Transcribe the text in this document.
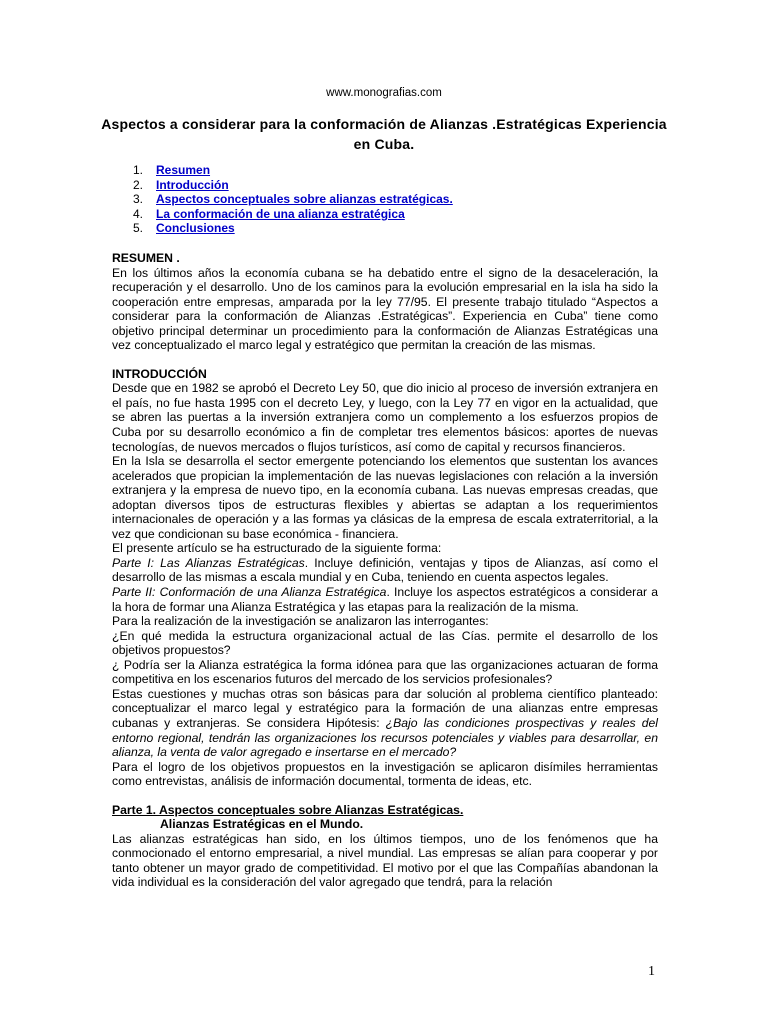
www.monografias.com
Aspectos a considerar para la conformación de Alianzas .Estratégicas Experiencia en Cuba.
1. Resumen
2. Introducción
3. Aspectos conceptuales sobre alianzas estratégicas.
4. La conformación de una alianza estratégica
5. Conclusiones
RESUMEN .

En los últimos años la economía cubana se ha debatido entre el signo de la desaceleración, la recuperación y el desarrollo. Uno de los caminos para la evolución empresarial en la isla ha sido la cooperación entre empresas, amparada por la ley 77/95. El presente trabajo titulado “Aspectos a considerar para la conformación de Alianzas .Estratégicas”. Experiencia en Cuba” tiene como objetivo principal determinar un procedimiento para la conformación de Alianzas Estratégicas una vez conceptualizado el marco legal y estratégico que permitan la creación de las mismas.

INTRODUCCIÓN

Desde que en 1982 se aprobó el Decreto Ley 50, que dio inicio al proceso de inversión extranjera en el país, no fue hasta 1995 con el decreto Ley, y luego, con la Ley 77 en vigor en la actualidad, que se abren las puertas a la inversión extranjera como un complemento a los esfuerzos propios de Cuba por su desarrollo económico a fin de completar tres elementos básicos: aportes de nuevas tecnologías, de nuevos mercados o flujos turísticos, así como de capital y recursos financieros.

En la Isla se desarrolla el sector emergente potenciando los elementos que sustentan los avances acelerados que propician la implementación de las nuevas legislaciones con relación a la inversión extranjera y la empresa de nuevo tipo, en la economía cubana. Las nuevas empresas creadas, que adoptan diversos tipos de estructuras flexibles y abiertas se adaptan a los requerimientos internacionales de operación y a las formas ya clásicas de la empresa de escala extraterritorial, a la vez que condicionan su base económica - financiera.

El presente artículo se ha estructurado de la siguiente forma:

Parte I: Las Alianzas Estratégicas. Incluye definición, ventajas y tipos de Alianzas, así como el desarrollo de las mismas a escala mundial y en Cuba, teniendo en cuenta aspectos legales.

Parte II: Conformación de una Alianza Estratégica. Incluye los aspectos estratégicos a considerar a la hora de formar una Alianza Estratégica y las etapas para la realización de la misma.

Para la realización de la investigación se analizaron las interrogantes:

¿En qué medida la estructura organizacional actual de las Cías. permite el desarrollo de los objetivos propuestos?

¿ Podría ser la Alianza estratégica la forma idónea para que las organizaciones actuaran de forma competitiva en los escenarios futuros del mercado de los servicios profesionales?

Estas cuestiones y muchas otras son básicas para dar solución al problema científico planteado: conceptualizar el marco legal y estratégico para la formación de una alianzas entre empresas cubanas y extranjeras. Se considera Hipótesis: ¿Bajo las condiciones prospectivas y reales del entorno regional, tendrán las organizaciones los recursos potenciales y viables para desarrollar, en alianza, la venta de valor agregado e insertarse en el mercado?

Para el logro de los objetivos propuestos en la investigación se aplicaron disímiles herramientas como entrevistas, análisis de información documental, tormenta de ideas, etc.

Parte 1. Aspectos conceptuales sobre Alianzas Estratégicas.

Alianzas Estratégicas en el Mundo.

Las alianzas estratégicas han sido, en los últimos tiempos, uno de los fenómenos que ha conmocionado el entorno empresarial, a nivel mundial. Las empresas se alían para cooperar y por tanto obtener un mayor grado de competitividad. El motivo por el que las Compañías abandonan la vida individual es la consideración del valor agregado que tendrá, para la relación

1
